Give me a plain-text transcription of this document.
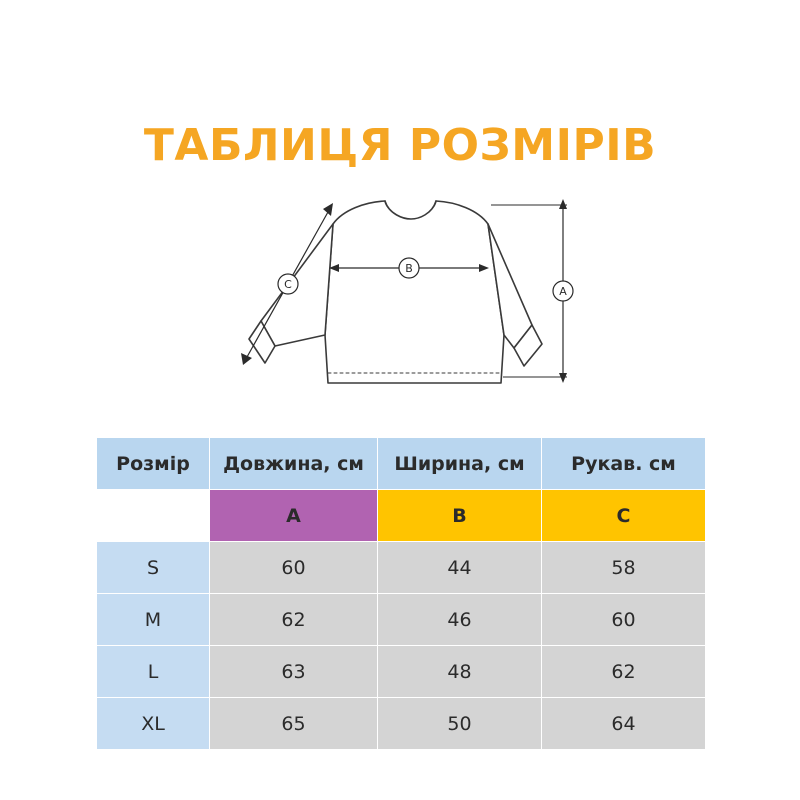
ТАБЛИЦЯ РОЗМІРІВ
A
B
C
Розмір	Довжина, см	Ширина, см	Рукав. см
	A	B	C
S	60	44	58
M	62	46	60
L	63	48	62
XL	65	50	64
